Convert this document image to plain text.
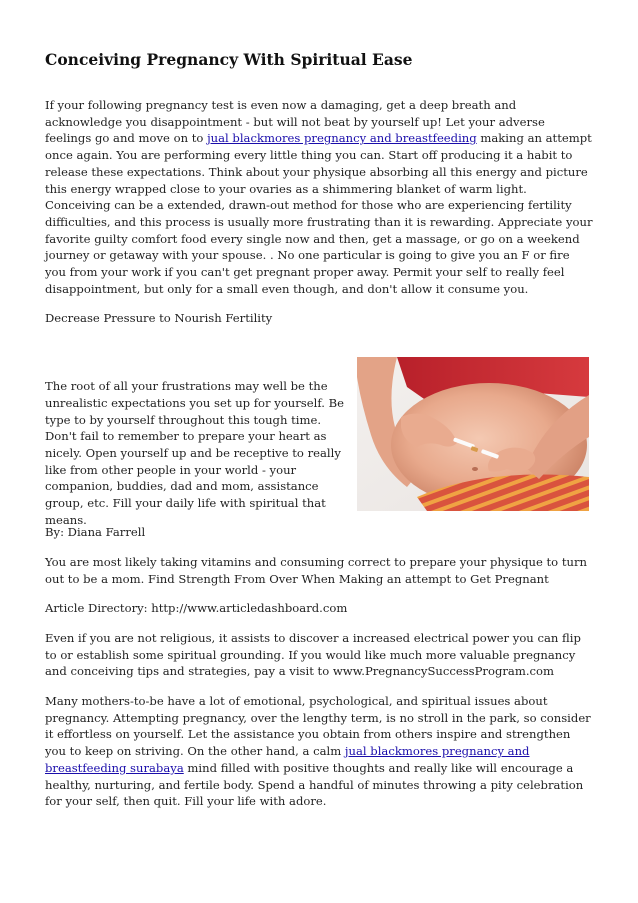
Conceiving Pregnancy With Spiritual Ease

If your following pregnancy test is even now a damaging, get a deep breath and acknowledge you disappointment - but will not beat by yourself up! Let your adverse feelings go and move on to jual blackmores pregnancy and breastfeeding making an attempt once again. You are performing every little thing you can. Start off producing it a habit to release these expectations. Think about your physique absorbing all this energy and picture this energy wrapped close to your ovaries as a shimmering blanket of warm light. Conceiving can be a extended, drawn-out method for those who are experiencing fertility difficulties, and this process is usually more frustrating than it is rewarding. Appreciate your favorite guilty comfort food every single now and then, get a massage, or go on a weekend journey or getaway with your spouse. . No one particular is going to give you an F or fire you from your work if you can't get pregnant proper away. Permit your self to really feel disappointment, but only for a small even though, and don't allow it consume you.

Decrease Pressure to Nourish Fertility

The root of all your frustrations may well be the unrealistic expectations you set up for yourself. Be type to by yourself throughout this tough time. Don't fail to remember to prepare your heart as nicely. Open yourself up and be receptive to really like from other people in your world - your companion, buddies, dad and mom, assistance group, etc. Fill your daily life with spiritual that means.

By: Diana Farrell

You are most likely taking vitamins and consuming correct to prepare your physique to turn out to be a mom. Find Strength From Over When Making an attempt to Get Pregnant

Article Directory: http://www.articledashboard.com

Even if you are not religious, it assists to discover a increased electrical power you can flip to or establish some spiritual grounding. If you would like much more valuable pregnancy and conceiving tips and strategies, pay a visit to www.PregnancySuccessProgram.com

Many mothers-to-be have a lot of emotional, psychological, and spiritual issues about pregnancy. Attempting pregnancy, over the lengthy term, is no stroll in the park, so consider it effortless on yourself. Let the assistance you obtain from others inspire and strengthen you to keep on striving. On the other hand, a calm jual blackmores pregnancy and breastfeeding surabaya mind filled with positive thoughts and really like will encourage a healthy, nurturing, and fertile body. Spend a handful of minutes throwing a pity celebration for your self, then quit. Fill your life with adore.
